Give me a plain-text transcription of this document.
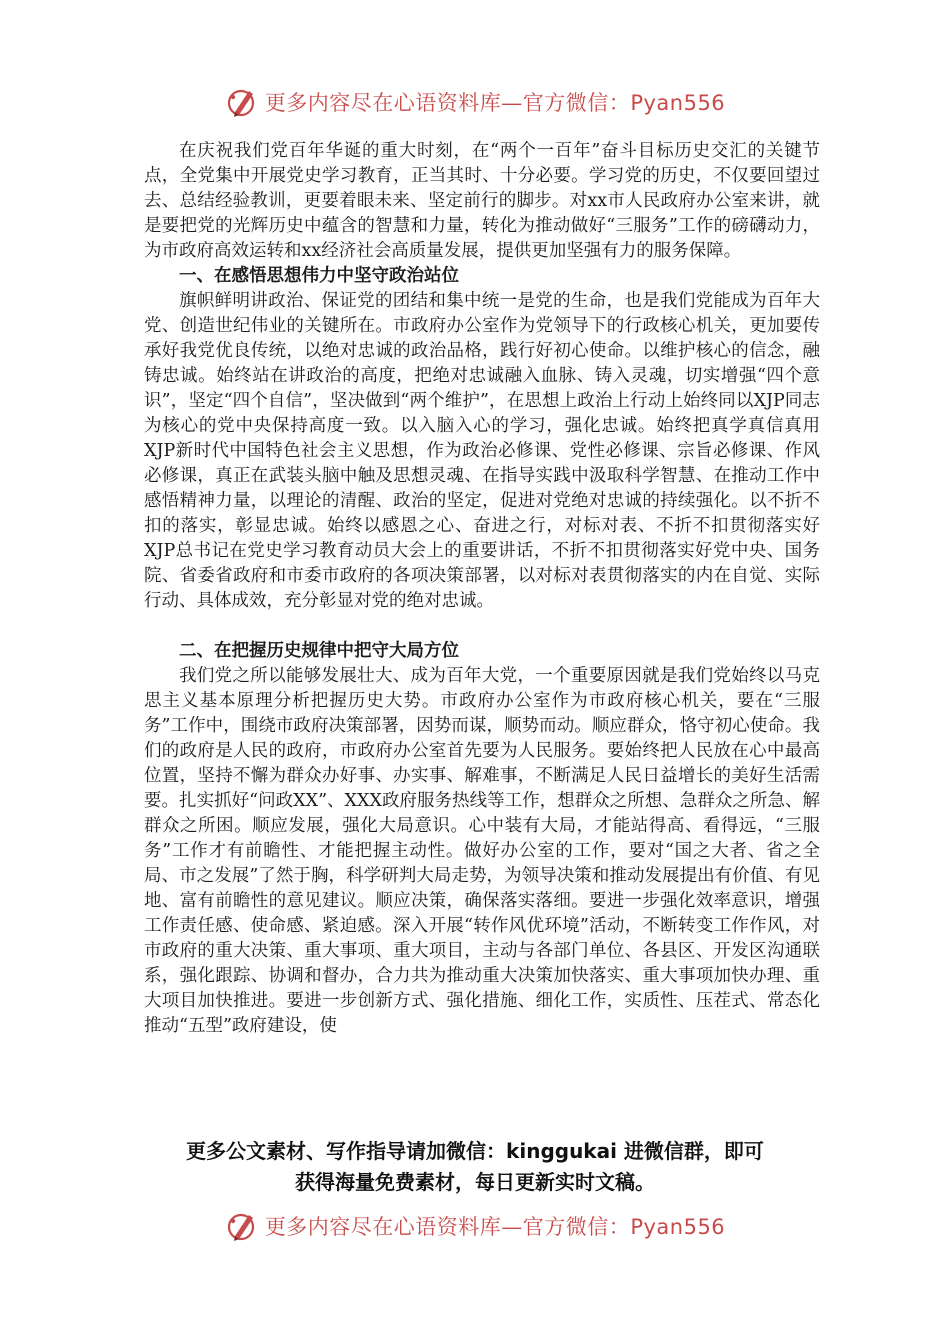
更多内容尽在心语资料库—官方微信：Pyan556

在庆祝我们党百年华诞的重大时刻，在“两个一百年”奋斗目标历史交汇的关键节点，全党集中开展党史学习教育，正当其时、十分必要。学习党的历史，不仅要回望过去、总结经验教训，更要着眼未来、坚定前行的脚步。对xx市人民政府办公室来讲，就是要把党的光辉历史中蕴含的智慧和力量，转化为推动做好“三服务”工作的磅礴动力，为市政府高效运转和xx经济社会高质量发展，提供更加坚强有力的服务保障。

一、在感悟思想伟力中坚守政治站位

旗帜鲜明讲政治、保证党的团结和集中统一是党的生命，也是我们党能成为百年大党、创造世纪伟业的关键所在。市政府办公室作为党领导下的行政核心机关，更加要传承好我党优良传统，以绝对忠诚的政治品格，践行好初心使命。以维护核心的信念，融铸忠诚。始终站在讲政治的高度，把绝对忠诚融入血脉、铸入灵魂，切实增强“四个意识”，坚定“四个自信”，坚决做到“两个维护”，在思想上政治上行动上始终同以XJP同志为核心的党中央保持高度一致。以入脑入心的学习，强化忠诚。始终把真学真信真用XJP新时代中国特色社会主义思想，作为政治必修课、党性必修课、宗旨必修课、作风必修课，真正在武装头脑中触及思想灵魂、在指导实践中汲取科学智慧、在推动工作中感悟精神力量，以理论的清醒、政治的坚定，促进对党绝对忠诚的持续强化。以不折不扣的落实，彰显忠诚。始终以感恩之心、奋进之行，对标对表、不折不扣贯彻落实好XJP总书记在党史学习教育动员大会上的重要讲话，不折不扣贯彻落实好党中央、国务院、省委省政府和市委市政府的各项决策部署，以对标对表贯彻落实的内在自觉、实际行动、具体成效，充分彰显对党的绝对忠诚。

二、在把握历史规律中把守大局方位

我们党之所以能够发展壮大、成为百年大党，一个重要原因就是我们党始终以马克思主义基本原理分析把握历史大势。市政府办公室作为市政府核心机关，要在“三服务”工作中，围绕市政府决策部署，因势而谋，顺势而动。顺应群众，恪守初心使命。我们的政府是人民的政府，市政府办公室首先要为人民服务。要始终把人民放在心中最高位置，坚持不懈为群众办好事、办实事、解难事，不断满足人民日益增长的美好生活需要。扎实抓好“问政XX”、XXX政府服务热线等工作，想群众之所想、急群众之所急、解群众之所困。顺应发展，强化大局意识。心中装有大局，才能站得高、看得远，“三服务”工作才有前瞻性、才能把握主动性。做好办公室的工作，要对“国之大者、省之全局、市之发展”了然于胸，科学研判大局走势，为领导决策和推动发展提出有价值、有见地、富有前瞻性的意见建议。顺应决策，确保落实落细。要进一步强化效率意识，增强工作责任感、使命感、紧迫感。深入开展“转作风优环境”活动，不断转变工作作风，对市政府的重大决策、重大事项、重大项目，主动与各部门单位、各县区、开发区沟通联系，强化跟踪、协调和督办，合力共为推动重大决策加快落实、重大事项加快办理、重大项目加快推进。要进一步创新方式、强化措施、细化工作，实质性、压茬式、常态化推动“五型”政府建设，使

更多公文素材、写作指导请加微信：kinggukai 进微信群，即可
获得海量免费素材，每日更新实时文稿。
更多内容尽在心语资料库—官方微信：Pyan556
